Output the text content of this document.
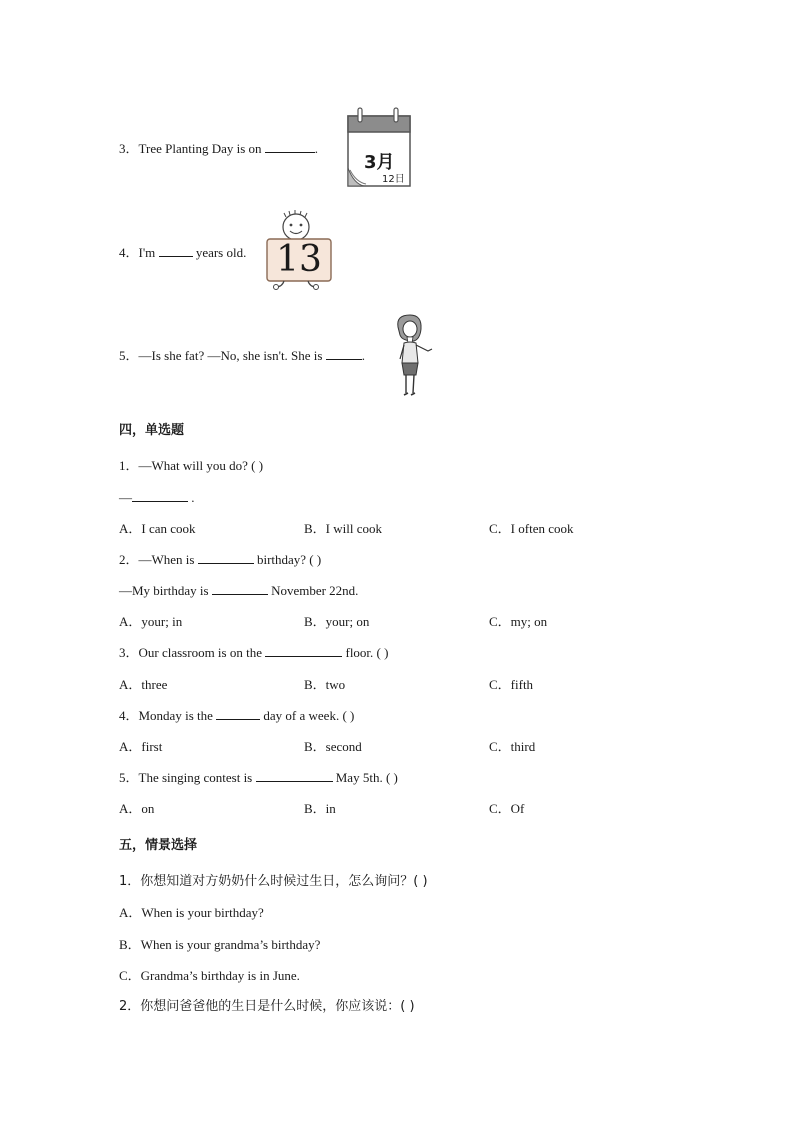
3．Tree Planting Day is on	.
3月
12日
4．I'm	years old. 13
5．—Is she fat? —No, she isn't. She is	.
四，单选题
1．—What will you do? ( )
—	.
A．I can cook	B．I will cook	C．I often cook
2．—When is	birthday? ( )
—My birthday is	November 22nd.
A．your; in	B．your; on	C．my; on
3．Our classroom is on the	floor. ( )
A．three	B．two	C．fifth
4．Monday is the	day of a week. ( )
A．first	B．second	C．third
5．The singing contest is	May 5th. ( )
A．on	B．in	C．Of
五，情景选择
1．你想知道对方奶奶什么时候过生日，怎么询问？( )
A．When is your birthday?
B．When is your grandma’s birthday?
C．Grandma’s birthday is in June.
2．你想问爸爸他的生日是什么时候，你应该说：( )
